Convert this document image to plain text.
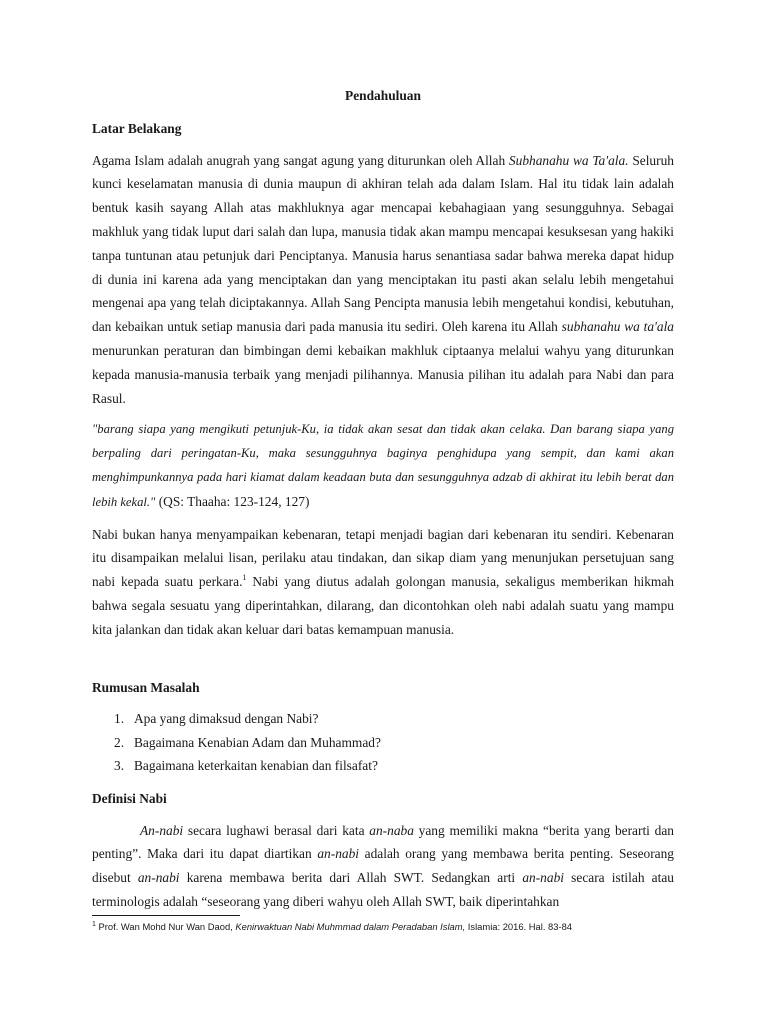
Pendahuluan
Latar Belakang

Agama Islam adalah anugrah yang sangat agung yang diturunkan oleh Allah Subhanahu wa Ta'ala. Seluruh kunci keselamatan manusia di dunia maupun di akhiran telah ada dalam Islam. Hal itu tidak lain adalah bentuk kasih sayang Allah atas makhluknya agar mencapai kebahagiaan yang sesungguhnya. Sebagai makhluk yang tidak luput dari salah dan lupa, manusia tidak akan mampu mencapai kesuksesan yang hakiki tanpa tuntunan atau petunjuk dari Penciptanya. Manusia harus senantiasa sadar bahwa mereka dapat hidup di dunia ini karena ada yang menciptakan dan yang menciptakan itu pasti akan selalu lebih mengetahui mengenai apa yang telah diciptakannya. Allah Sang Pencipta manusia lebih mengetahui kondisi, kebutuhan, dan kebaikan untuk setiap manusia dari pada manusia itu sediri. Oleh karena itu Allah subhanahu wa ta'ala menurunkan peraturan dan bimbingan demi kebaikan makhluk ciptaanya melalui wahyu yang diturunkan kepada manusia-manusia terbaik yang menjadi pilihannya. Manusia pilihan itu adalah para Nabi dan para Rasul.

"barang siapa yang mengikuti petunjuk-Ku, ia tidak akan sesat dan tidak akan celaka. Dan barang siapa yang berpaling dari peringatan-Ku, maka sesungguhnya baginya penghidupa yang sempit, dan kami akan menghimpunkannya pada hari kiamat dalam keadaan buta dan sesungguhnya adzab di akhirat itu lebih berat dan lebih kekal." (QS: Thaaha: 123-124, 127)

Nabi bukan hanya menyampaikan kebenaran, tetapi menjadi bagian dari kebenaran itu sendiri. Kebenaran itu disampaikan melalui lisan, perilaku atau tindakan, dan sikap diam yang menunjukan persetujuan sang nabi kepada suatu perkara.$^1$ Nabi yang diutus adalah golongan manusia, sekaligus memberikan hikmah bahwa segala sesuatu yang diperintahkan, dilarang, dan dicontohkan oleh nabi adalah suatu yang mampu kita jalankan dan tidak akan keluar dari batas kemampuan manusia.

Rumusan Masalah
1. Apa yang dimaksud dengan Nabi?
2. Bagaimana Kenabian Adam dan Muhammad?
3. Bagaimana keterkaitan kenabian dan filsafat?
Definisi Nabi

An-nabi secara lughawi berasal dari kata an-naba yang memiliki makna “berita yang berarti dan penting”. Maka dari itu dapat diartikan an-nabi adalah orang yang membawa berita penting. Seseorang disebut an-nabi karena membawa berita dari Allah SWT. Sedangkan arti an-nabi secara istilah atau terminologis adalah “seseorang yang diberi wahyu oleh Allah SWT, baik diperintahkan

$^1$ Prof. Wan Mohd Nur Wan Daod, Kenirwaktuan Nabi Muhmmad dalam Peradaban Islam, Islamia: 2016. Hal. 83-84
